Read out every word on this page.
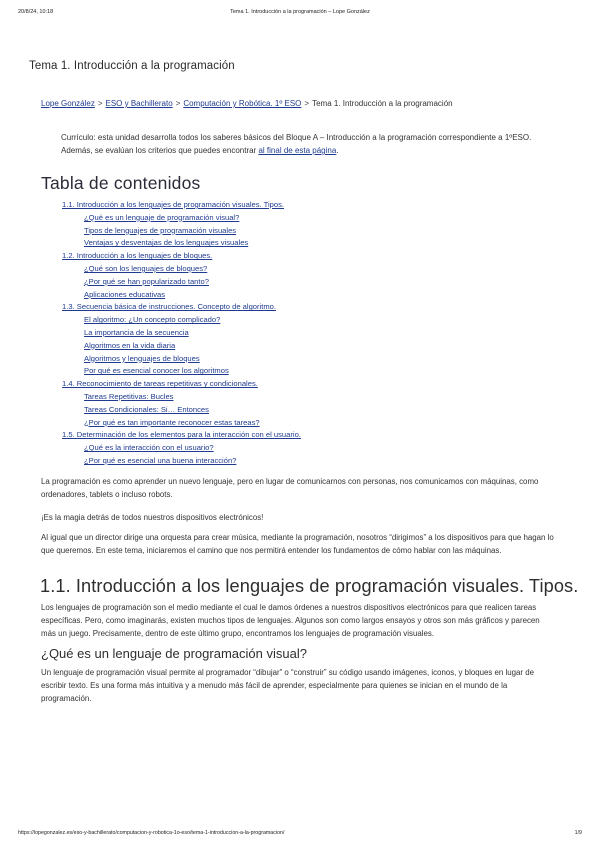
20/8/24, 10:18	Tema 1. Introducción a la programación – Lope González
Tema 1. Introducción a la programación
Lope González > ESO y Bachillerato > Computación y Robótica. 1º ESO > Tema 1. Introducción a la programación
Currículo: esta unidad desarrolla todos los saberes básicos del Bloque A – Introducción a la programación correspondiente a 1ºESO. Además, se evalúan los criterios que puedes encontrar al final de esta página.
Tabla de contenidos
1.1. Introducción a los lenguajes de programación visuales. Tipos.
¿Qué es un lenguaje de programación visual?
Tipos de lenguajes de programación visuales
Ventajas y desventajas de los lenguajes visuales
1.2. Introducción a los lenguajes de bloques.
¿Qué son los lenguajes de bloques?
¿Por qué se han popularizado tanto?
Aplicaciones educativas
1.3. Secuencia básica de instrucciones. Concepto de algoritmo.
El algoritmo: ¿Un concepto complicado?
La importancia de la secuencia
Algoritmos en la vida diaria
Algoritmos y lenguajes de bloques
Por qué es esencial conocer los algoritmos
1.4. Reconocimiento de tareas repetitivas y condicionales.
Tareas Repetitivas: Bucles
Tareas Condicionales: Si… Entonces
¿Por qué es tan importante reconocer estas tareas?
1.5. Determinación de los elementos para la interacción con el usuario.
¿Qué es la interacción con el usuario?
¿Por qué es esencial una buena interacción?
La programación es como aprender un nuevo lenguaje, pero en lugar de comunicarnos con personas, nos comunicamos con máquinas, como ordenadores, tablets o incluso robots.
¡Es la magia detrás de todos nuestros dispositivos electrónicos!
Al igual que un director dirige una orquesta para crear música, mediante la programación, nosotros “dirigimos” a los dispositivos para que hagan lo que queremos. En este tema, iniciaremos el camino que nos permitirá entender los fundamentos de cómo hablar con las máquinas.
1.1. Introducción a los lenguajes de programación visuales. Tipos.
Los lenguajes de programación son el medio mediante el cual le damos órdenes a nuestros dispositivos electrónicos para que realicen tareas específicas. Pero, como imaginarás, existen muchos tipos de lenguajes. Algunos son como largos ensayos y otros son más gráficos y parecen más un juego. Precisamente, dentro de este último grupo, encontramos los lenguajes de programación visuales.
¿Qué es un lenguaje de programación visual?
Un lenguaje de programación visual permite al programador “dibujar” o “construir” su código usando imágenes, iconos, y bloques en lugar de escribir texto. Es una forma más intuitiva y a menudo más fácil de aprender, especialmente para quienes se inician en el mundo de la programación.
https://lopegonzalez.es/eso-y-bachillerato/computacion-y-robotica-1o-eso/tema-1-introduccion-a-la-programacion/	1/9
